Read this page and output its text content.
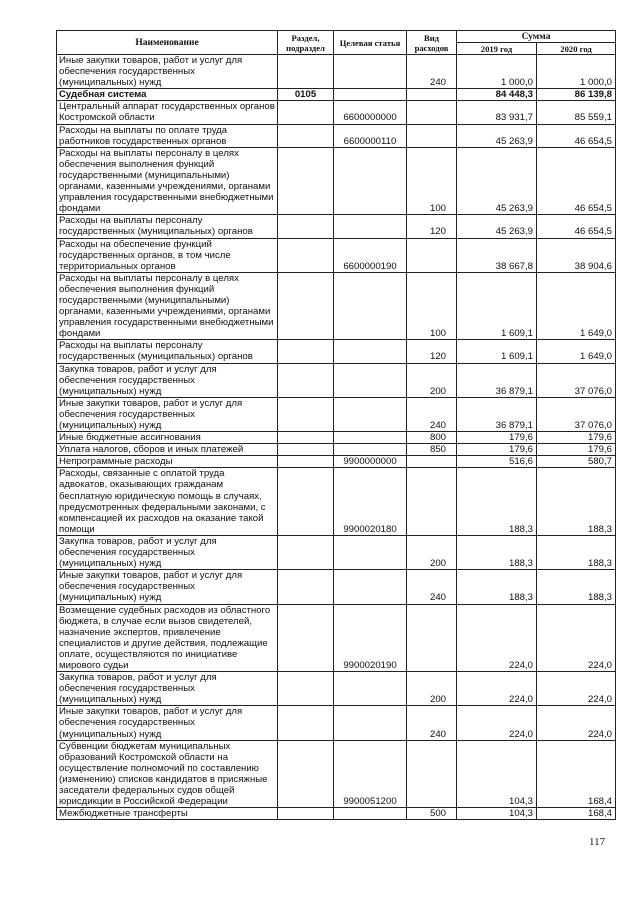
Наименование	Раздел, подраздел	Целевая статья	Вид расходов	Сумма	
				2019 год	2020 год
Иные закупки товаров, работ и услуг для обеспечения государственных (муниципальных) нужд			240	1 000,0	1 000,0
Судебная система	0105			84 448,3	86 139,8
Центральный аппарат государственных органов Костромской области		6600000000		83 931,7	85 559,1
Расходы на выплаты по оплате труда работников государственных органов		6600000110		45 263,9	46 654,5
Расходы на выплаты персоналу в целях обеспечения выполнения функций государственными (муниципальными) органами, казенными учреждениями, органами управления государственными внебюджетными фондами			100	45 263,9	46 654,5
Расходы на выплаты персоналу государственных (муниципальных) органов			120	45 263,9	46 654,5
Расходы на обеспечение функций государственных органов, в том числе территориальных органов		6600000190		38 667,8	38 904,6
Расходы на выплаты персоналу в целях обеспечения выполнения функций государственными (муниципальными) органами, казенными учреждениями, органами управления государственными внебюджетными фондами			100	1 609,1	1 649,0
Расходы на выплаты персоналу государственных (муниципальных) органов			120	1 609,1	1 649,0
Закупка товаров, работ и услуг для обеспечения государственных (муниципальных) нужд			200	36 879,1	37 076,0
Иные закупки товаров, работ и услуг для обеспечения государственных (муниципальных) нужд			240	36 879,1	37 076,0
Иные бюджетные ассигнования			800	179,6	179,6
Уплата налогов, сборов и иных платежей			850	179,6	179,6
Непрограммные расходы		9900000000		516,6	580,7
Расходы, связанные с оплатой труда адвокатов, оказывающих гражданам бесплатную юридическую помощь в случаях, предусмотренных федеральными законами, с компенсацией их расходов на оказание такой помощи		9900020180		188,3	188,3
Закупка товаров, работ и услуг для обеспечения государственных (муниципальных) нужд			200	188,3	188,3
Иные закупки товаров, работ и услуг для обеспечения государственных (муниципальных) нужд			240	188,3	188,3
Возмещение судебных расходов из областного бюджета, в случае если вызов свидетелей, назначение экспертов, привлечение специалистов и другие действия, подлежащие оплате, осуществляются по инициативе мирового судьи		9900020190		224,0	224,0
Закупка товаров, работ и услуг для обеспечения государственных (муниципальных) нужд			200	224,0	224,0
Иные закупки товаров, работ и услуг для обеспечения государственных (муниципальных) нужд			240	224,0	224,0
Субвенции бюджетам муниципальных образований Костромской области на осуществление полномочий по составлению (изменению) списков кандидатов в присяжные заседатели федеральных судов общей юрисдикции в Российской Федерации		9900051200		104,3	168,4
Межбюджетные трансферты			500	104,3	168,4
117
